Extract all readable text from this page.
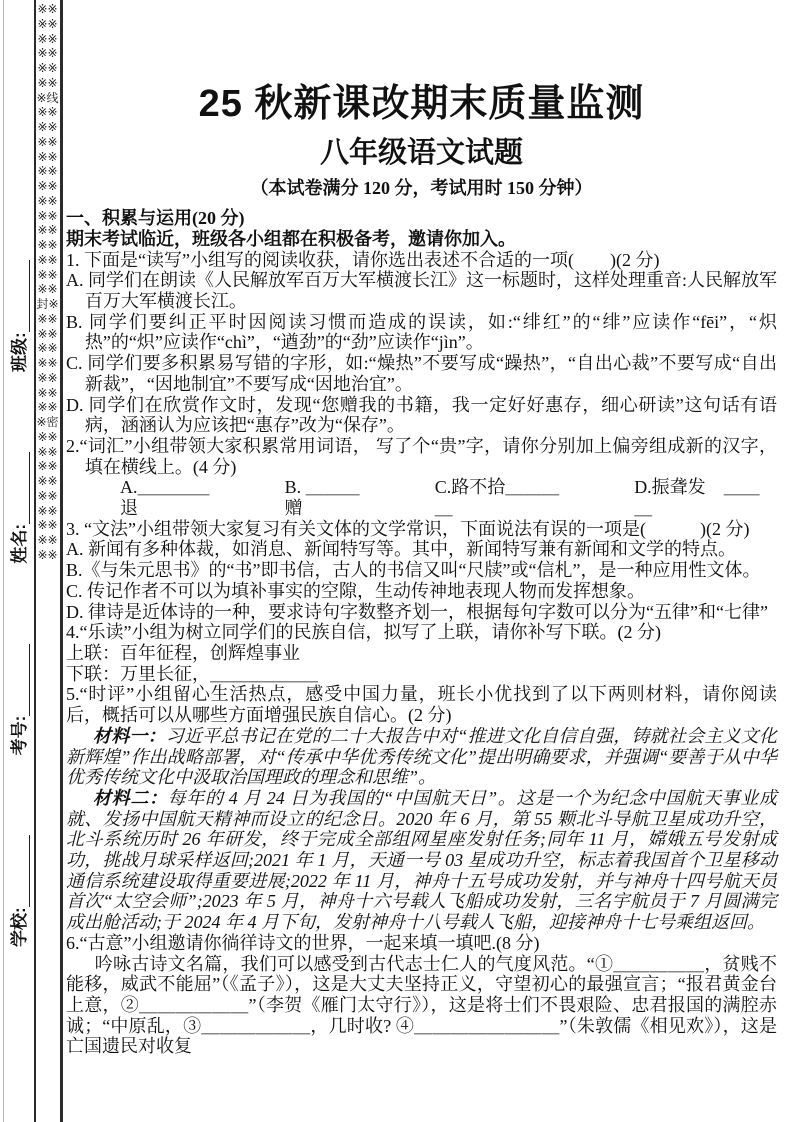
学校:
考号:
姓名:
班级:
※※※※※※※※※※※※※线※※※※※※※※※※※※※※※※※※※※※※※※※※封※※※※※※※※※※※※※※※※密※※※※※※※※※※※※※※※※※※
25 秋新课改期末质量监测
八年级语文试题
（本试卷满分 120 分，考试用时 150 分钟）
一、积累与运用(20 分)
期末考试临近，班级各小组都在积极备考，邀请你加入。

1. 下面是“读写”小组写的阅读收获，请你选出表述不合适的一项(　　)(2 分)

A. 同学们在朗读《人民解放军百万大军横渡长江》这一标题时，这样处理重音:人民解放军百万大军横渡长江。

B. 同学们要纠正平时因阅读习惯而造成的误读，如:“绯红”的“绯”应读作“fēi”，“炽热”的“炽”应读作“chì”，“遒劲”的“劲”应读作“jìn”。

C. 同学们要多积累易写错的字形，如:“燥热”不要写成“躁热”，“自出心裁”不要写成“自出新裁”，“因地制宜”不要写成“因地治宜”。

D. 同学们在欣赏作文时，发现“您赠我的书籍，我一定好好惠存，细心研读”这句话有语病，涵涵认为应该把“惠存”改为“保存”。

2.“词汇”小组带领大家积累常用词语， 写了个“贵”字，请你分别加上偏旁组成新的汉字，填在横线上。(4 分)

A.＿＿＿＿退
B. ＿＿＿赠
C.路不拾＿＿＿＿
D.振聋发　＿＿＿

3. “文法”小组带领大家复习有关文体的文学常识，下面说法有误的一项是(　　　)(2 分)

A. 新闻有多种体裁，如消息、新闻特写等。其中，新闻特写兼有新闻和文学的特点。

B.《与朱元思书》的“书”即书信，古人的书信又叫“尺牍”或“信札”，是一种应用性文体。

C. 传记作者不可以为填补事实的空隙，生动传神地表现人物而发挥想象。

D. 律诗是近体诗的一种，要求诗句字数整齐划一，根据每句字数可以分为“五律”和“七律”

4.“乐读”小组为树立同学们的民族自信，拟写了上联，请你补写下联。(2 分)

上联：百年征程，创辉煌事业

下联：万里长征，＿＿＿＿＿＿

5.“时评”小组留心生活热点，感受中国力量，班长小优找到了以下两则材料，请你阅读后，概括可以从哪些方面增强民族自信心。(2 分)

材料一：习近平总书记在党的二十大报告中对“推进文化自信自强，铸就社会主义文化新辉煌”作出战略部署，对“传承中华优秀传统文化”提出明确要求，并强调“要善于从中华优秀传统文化中汲取治国理政的理念和思维”。

材料二：每年的 4 月 24 日为我国的“中国航天日”。这是一个为纪念中国航天事业成就、发扬中国航天精神而设立的纪念日。2020 年 6 月，第 55 颗北斗导航卫星成功升空，北斗系统历时 26 年研发，终于完成全部组网星座发射任务;同年 11 月，嫦娥五号发射成功，挑战月球采样返回;2021 年 1 月，天通一号 03 星成功升空，标志着我国首个卫星移动通信系统建设取得重要进展;2022 年 11 月，神舟十五号成功发射，并与神舟十四号航天员首次“太空会师”;2023 年 5 月，神舟十六号载人飞船成功发射，三名宇航员于 7 月圆满完成出舱活动;于 2024 年 4 月下旬，发射神舟十八号载人飞船，迎接神舟十七号乘组返回。

6.“古意”小组邀请你徜徉诗文的世界，一起来填一填吧.(8 分)

吟咏古诗文名篇，我们可以感受到古代志士仁人的气度风范。“①＿＿＿＿＿，贫贱不能移，威武不能屈”（《孟子》），这是大丈夫坚持正义，守望初心的最强宣言；“报君黄金台上意，②＿＿＿＿＿＿”（李贺《雁门太守行》），这是将士们不畏艰险、忠君报国的满腔赤诚；“中原乱，③＿＿＿＿＿＿，几时收? ④＿＿＿＿＿＿＿＿”（朱敦儒《相见欢》），这是亡国遗民对收复
